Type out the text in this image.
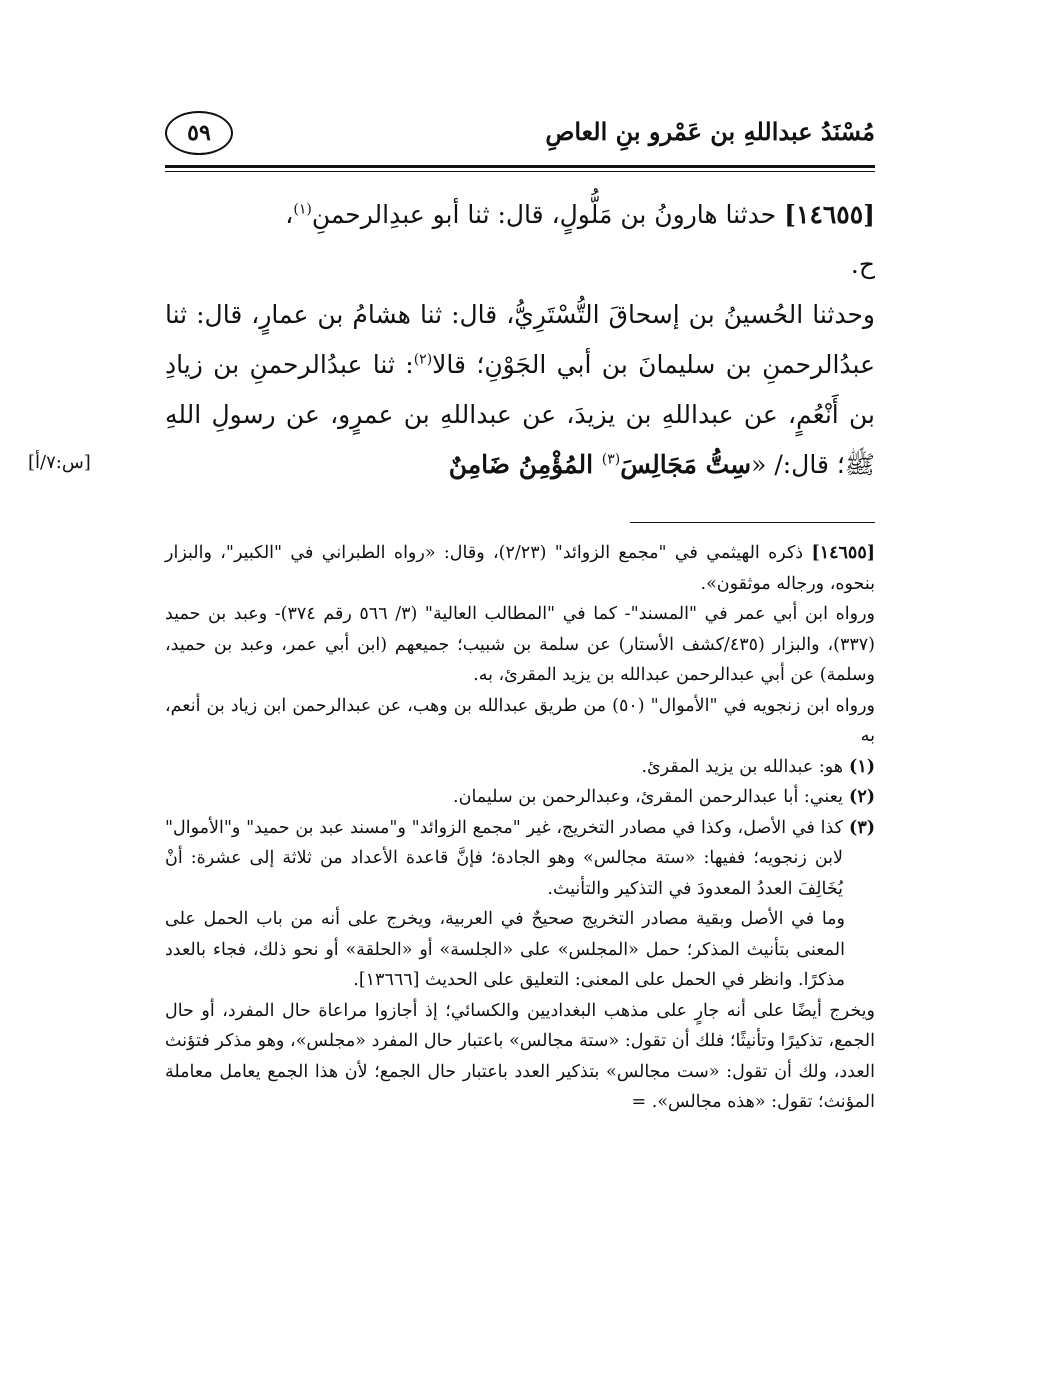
مُسْنَدُ عبداللهِ بن عَمْرو بنِ العاصِ
٥٩

[١٤٦٥٥] حدثنا هارونُ بن مَلُّولٍ، قال: ثنا أبو عبدِالرحمنِ$^{(١)}$،

ح.

وحدثنا الحُسينُ بن إسحاقَ التُّسْتَرِيُّ، قال: ثنا هشامُ بن عمارٍ، قال: ثنا عبدُالرحمنِ بن سليمانَ بن أبي الجَوْنِ؛ قالا$^{(٢)}$: ثنا عبدُالرحمنِ بن زيادِ بن أَنْعُمٍ، عن عبداللهِ بن يزيدَ، عن عبداللهِ بن عمرٍو، عن رسولِ اللهِ ﷺ؛ قال:/ «سِتُّ مَجَالِسَ$^{(٣)}$ المُؤْمِنُ ضَامِنٌ

[س:٧/أ]

[١٤٦٥٥] ذكره الهيثمي في "مجمع الزوائد" (٢/٢٣)، وقال: «رواه الطبراني في "الكبير"، والبزار بنحوه، ورجاله موثقون».

ورواه ابن أبي عمر في "المسند"- كما في "المطالب العالية" (٣/ ٥٦٦ رقم ٣٧٤)- وعبد بن حميد (٣٣٧)، والبزار (٤٣٥/كشف الأستار) عن سلمة بن شبيب؛ جميعهم (ابن أبي عمر، وعبد بن حميد، وسلمة) عن أبي عبدالرحمن عبدالله بن يزيد المقرئ، به.

ورواه ابن زنجويه في "الأموال" (٥٠) من طريق عبدالله بن وهب، عن عبدالرحمن ابن زياد بن أنعم، به

(١)
هو: عبدالله بن يزيد المقرئ.
(٢)
يعني: أبا عبدالرحمن المقرئ، وعبدالرحمن بن سليمان.
(٣)
كذا في الأصل، وكذا في مصادر التخريج، غير "مجمع الزوائد" و"مسند عبد بن حميد" و"الأموال" لابن زنجويه؛ ففيها: «ستة مجالس» وهو الجادة؛ فإنَّ قاعدة الأعداد من ثلاثة إلى عشرة: أنْ يُخَالِفَ العددُ المعدودَ في التذكير والتأنيث.

وما في الأصل وبقية مصادر التخريج صحيحٌ في العربية، ويخرج على أنه من باب الحمل على المعنى بتأنيث المذكر؛ حمل «المجلس» على «الجلسة» أو «الحلقة» أو نحو ذلك، فجاء بالعدد مذكرًا. وانظر في الحمل على المعنى: التعليق على الحديث [١٣٦٦٦].

ويخرج أيضًا على أنه جارٍ على مذهب البغداديين والكسائي؛ إذ أجازوا مراعاة حال المفرد، أو حال الجمع، تذكيرًا وتأنيثًا؛ فلك أن تقول: «ستة مجالس» باعتبار حال المفرد «مجلس»، وهو مذكر فتؤنث العدد، ولك أن تقول: «ست مجالس» بتذكير العدد باعتبار حال الجمع؛ لأن هذا الجمع يعامل معاملة المؤنث؛ تقول: «هذه مجالس». =
